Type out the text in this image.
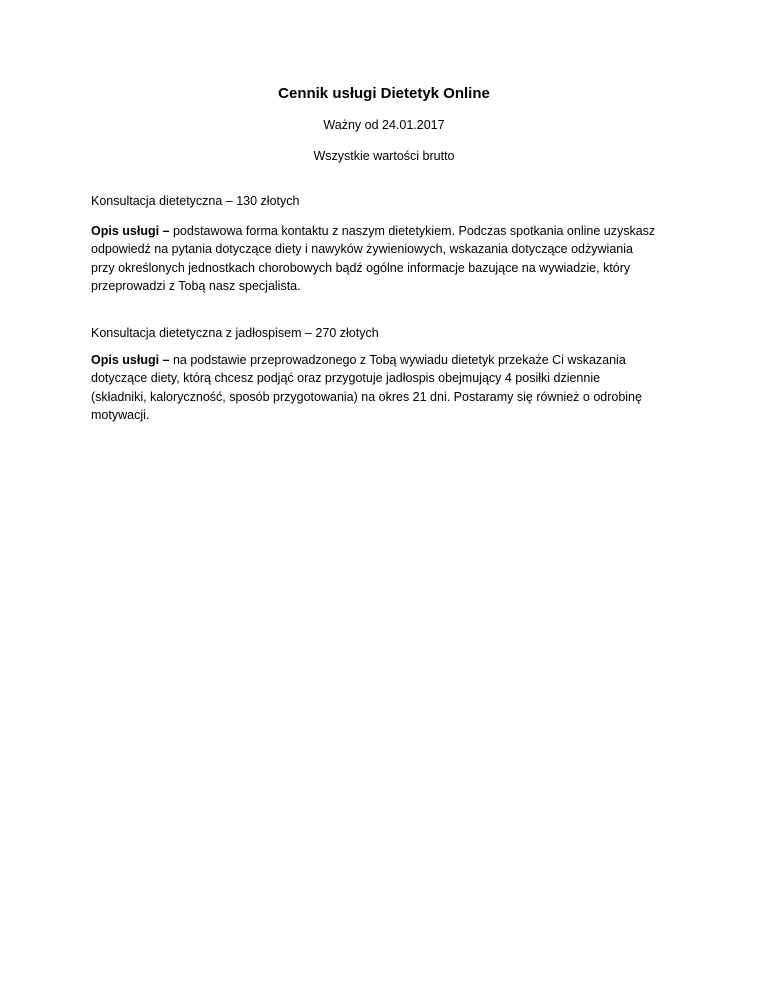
Cennik usługi Dietetyk Online
Ważny od 24.01.2017
Wszystkie wartości brutto
Konsultacja dietetyczna – 130 złotych
Opis usługi – podstawowa forma kontaktu z naszym dietetykiem. Podczas spotkania online uzyskasz
odpowiedź na pytania dotyczące diety i nawyków żywieniowych, wskazania dotyczące odżywiania
przy określonych jednostkach chorobowych bądź ogólne informacje bazujące na wywiadzie, który
przeprowadzi z Tobą nasz specjalista.
Konsultacja dietetyczna z jadłospisem – 270 złotych
Opis usługi – na podstawie przeprowadzonego z Tobą wywiadu dietetyk przekaże Ci wskazania
dotyczące diety, którą chcesz podjąć oraz przygotuje jadłospis obejmujący 4 posiłki dziennie
(składniki, kaloryczność, sposób przygotowania) na okres 21 dni. Postaramy się również o odrobinę
motywacji.
